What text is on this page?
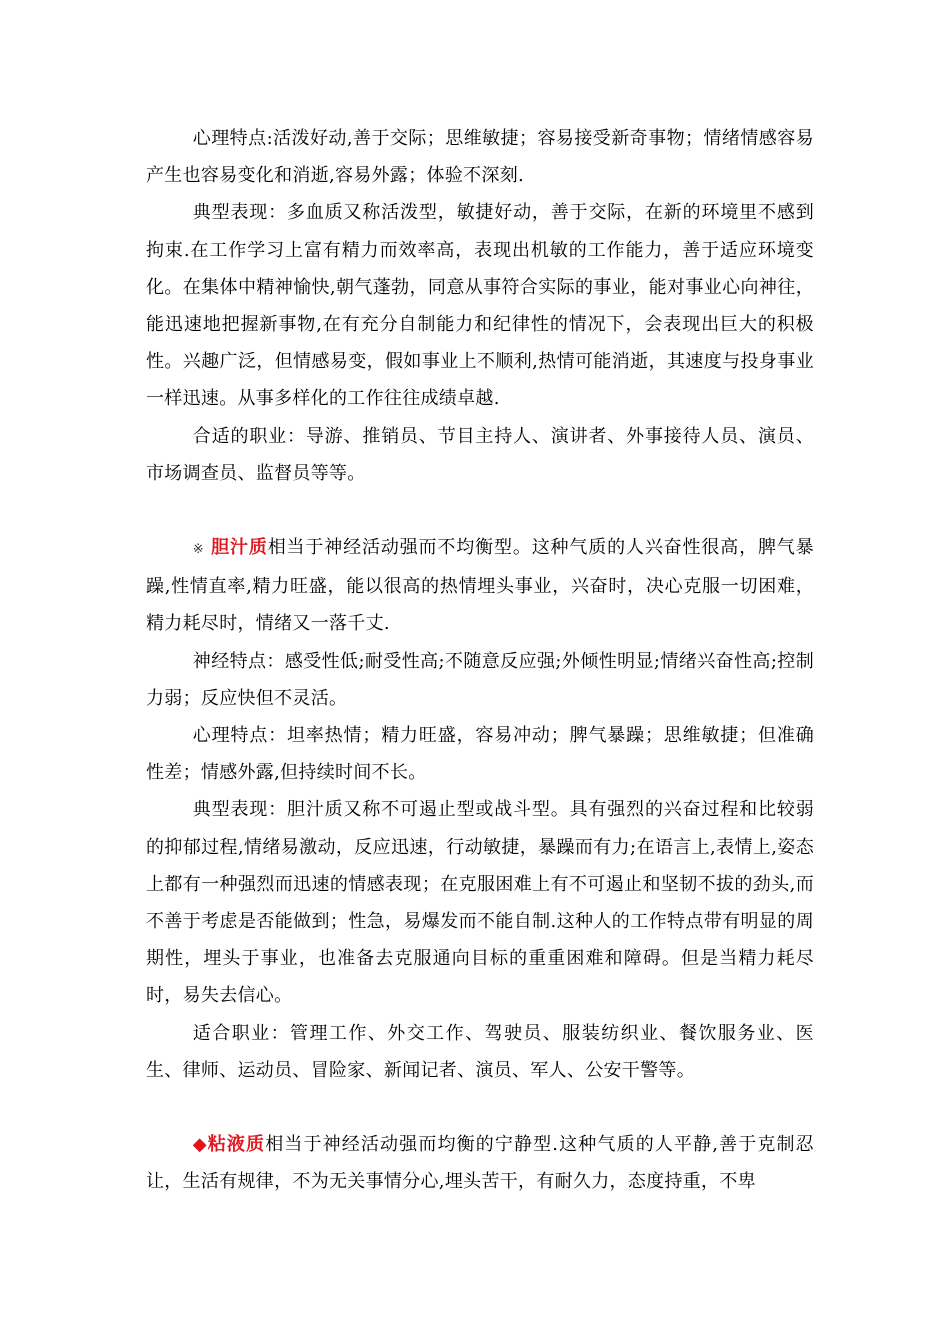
心理特点:活泼好动,善于交际；思维敏捷；容易接受新奇事物；情绪情感容易产生也容易变化和消逝,容易外露；体验不深刻.

典型表现：多血质又称活泼型，敏捷好动，善于交际，在新的环境里不感到拘束.在工作学习上富有精力而效率高，表现出机敏的工作能力，善于适应环境变化。在集体中精神愉快,朝气蓬勃，同意从事符合实际的事业，能对事业心向神往，能迅速地把握新事物,在有充分自制能力和纪律性的情况下，会表现出巨大的积极性。兴趣广泛，但情感易变，假如事业上不顺利,热情可能消逝，其速度与投身事业一样迅速。从事多样化的工作往往成绩卓越.

合适的职业：导游、推销员、节目主持人、演讲者、外事接待人员、演员、市场调查员、监督员等等。

※ 胆汁质相当于神经活动强而不均衡型。这种气质的人兴奋性很高，脾气暴躁,性情直率,精力旺盛，能以很高的热情埋头事业，兴奋时，决心克服一切困难，精力耗尽时，情绪又一落千丈.

神经特点：感受性低;耐受性高;不随意反应强;外倾性明显;情绪兴奋性高;控制力弱；反应快但不灵活。

心理特点：坦率热情；精力旺盛，容易冲动；脾气暴躁；思维敏捷；但准确性差；情感外露,但持续时间不长。

典型表现：胆汁质又称不可遏止型或战斗型。具有强烈的兴奋过程和比较弱的抑郁过程,情绪易激动，反应迅速，行动敏捷，暴躁而有力;在语言上,表情上,姿态上都有一种强烈而迅速的情感表现；在克服困难上有不可遏止和坚韧不拔的劲头,而不善于考虑是否能做到；性急，易爆发而不能自制.这种人的工作特点带有明显的周期性，埋头于事业，也准备去克服通向目标的重重困难和障碍。但是当精力耗尽时，易失去信心。

适合职业：管理工作、外交工作、驾驶员、服装纺织业、餐饮服务业、医生、律师、运动员、冒险家、新闻记者、演员、军人、公安干警等。

◆粘液质相当于神经活动强而均衡的宁静型.这种气质的人平静,善于克制忍让，生活有规律，不为无关事情分心,埋头苦干，有耐久力，态度持重，不卑
